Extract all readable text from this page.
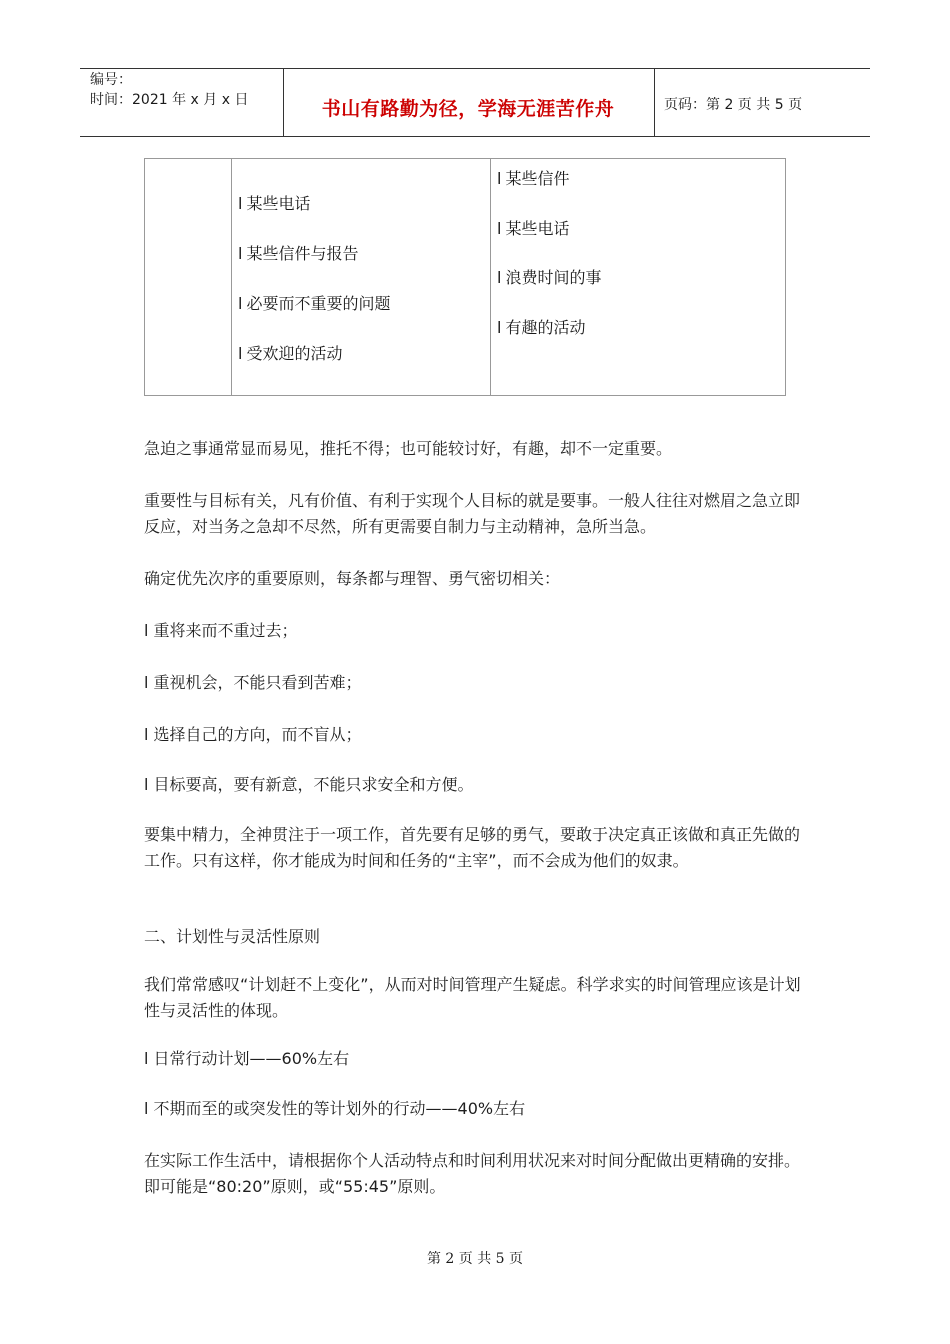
编号：
时间：2021 年 x 月 x 日	书山有路勤为径，学海无涯苦作舟	页码：第 2 页 共 5 页
l 某些电话
l 某些信件与报告
l 必要而不重要的问题
l 受欢迎的活动
l 某些信件
l 某些电话
l 浪费时间的事
l 有趣的活动

急迫之事通常显而易见，推托不得；也可能较讨好，有趣，却不一定重要。

重要性与目标有关，凡有价值、有利于实现个人目标的就是要事。一般人往往对燃眉之急立即反应，对当务之急却不尽然，所有更需要自制力与主动精神，急所当急。

确定优先次序的重要原则，每条都与理智、勇气密切相关：

l 重将来而不重过去；

l 重视机会，不能只看到苦难；

l 选择自己的方向，而不盲从；

l 目标要高，要有新意，不能只求安全和方便。

要集中精力，全神贯注于一项工作，首先要有足够的勇气，要敢于决定真正该做和真正先做的工作。只有这样，你才能成为时间和任务的“主宰”，而不会成为他们的奴隶。

二、计划性与灵活性原则

我们常常感叹“计划赶不上变化”，从而对时间管理产生疑虑。科学求实的时间管理应该是计划性与灵活性的体现。

l 日常行动计划——60%左右

l 不期而至的或突发性的等计划外的行动——40%左右

在实际工作生活中，请根据你个人活动特点和时间利用状况来对时间分配做出更精确的安排。即可能是“80:20”原则，或“55:45”原则。

第 2 页 共 5 页
